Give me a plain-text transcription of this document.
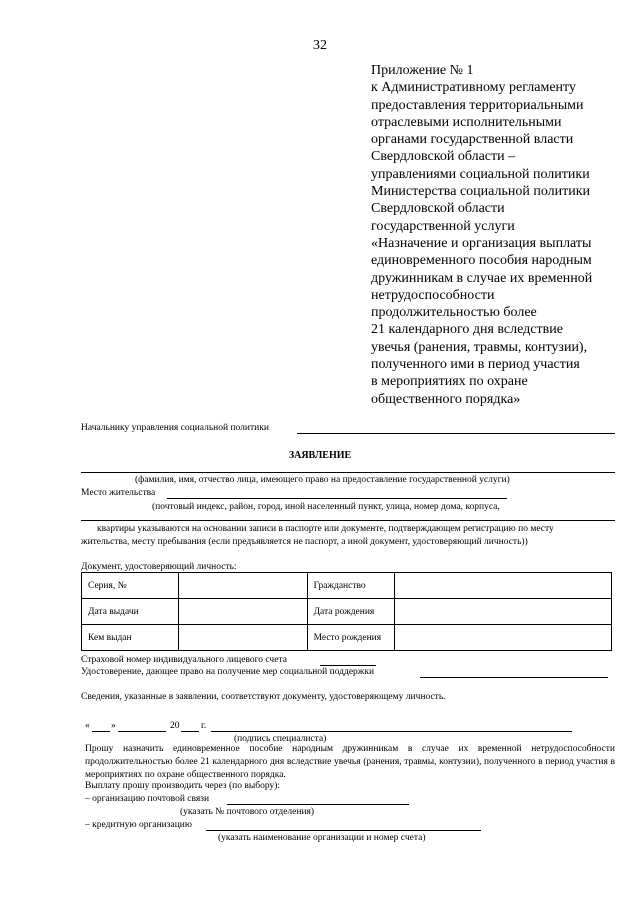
32
Приложение № 1
к Административному регламенту
предоставления территориальными
отраслевыми исполнительными
органами государственной власти
Свердловской области –
управлениями социальной политики
Министерства социальной политики
Свердловской области
государственной услуги
«Назначение и организация выплаты
единовременного пособия народным
дружинникам в случае их временной
нетрудоспособности
продолжительностью более
21 календарного дня вследствие
увечья (ранения, травмы, контузии),
полученного ими в период участия
в мероприятиях по охране
общественного порядка»
Начальнику управления социальной политики
ЗАЯВЛЕНИЕ
(фамилия, имя, отчество лица, имеющего право на предоставление государственной услуги)
Место жительства
(почтовый индекс, район, город, иной населенный пункт, улица, номер дома, корпуса,
квартиры указываются на основании записи в паспорте или документе, подтверждающем регистрацию по месту
жительства, месту пребывания (если предъявляется не паспорт, а иной документ, удостоверяющий личность))
Документ, удостоверяющий личность:
Серия, №		Гражданство	
Дата выдачи		Дата рождения	
Кем выдан		Место рождения	
Страховой номер индивидуального лицевого счета
Удостоверение, дающее право на получение мер социальной поддержки
Сведения, указанные в заявлении, соответствуют документу, удостоверяющему личность.
« »	20 г.
(подпись специалиста)
Прошу назначить единовременное пособие народным дружинникам в случае их временной нетрудоспособности продолжительностью более 21 календарного дня вследствие увечья (ранения, травмы, контузии), полученного в период участия в мероприятиях по охране общественного порядка.
Выплату прошу производить через (по выбору):
– организацию почтовой связи
(указать № почтового отделения)
– кредитную организацию
(указать наименование организации и номер счета)
